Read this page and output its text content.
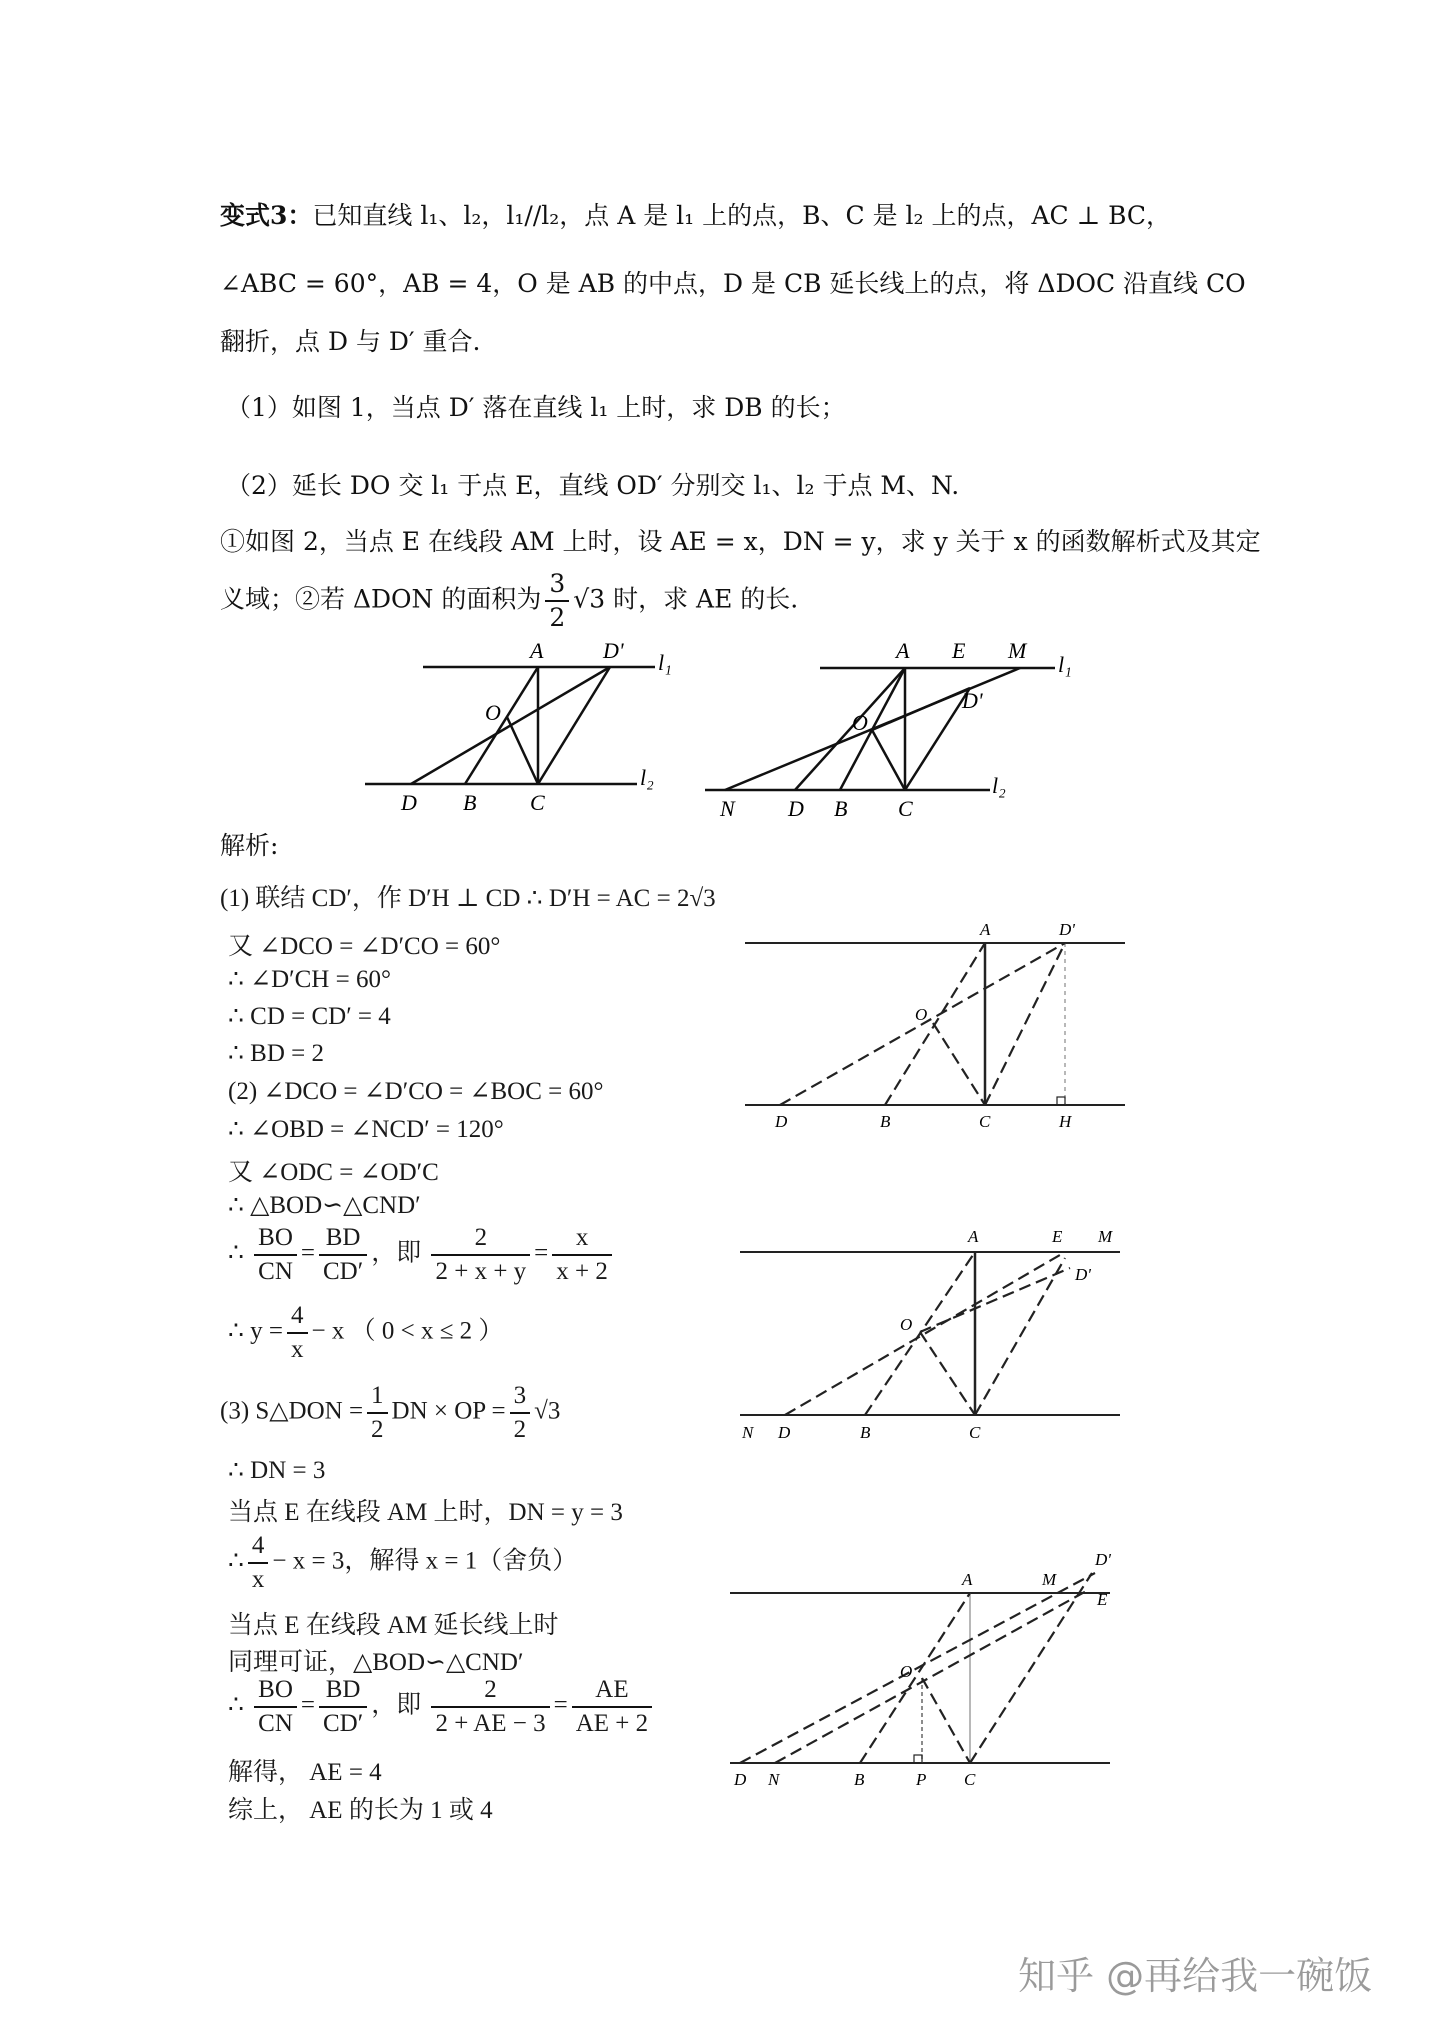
变式3：已知直线 l₁、l₂，l₁//l₂，点 A 是 l₁ 上的点，B、C 是 l₂ 上的点，AC ⊥ BC，
∠ABC = 60°，AB = 4，O 是 AB 的中点，D 是 CB 延长线上的点，将 ΔDOC 沿直线 CO
翻折，点 D 与 D′ 重合.
（1）如图 1，当点 D′ 落在直线 l₁ 上时，求 DB 的长；
（2）延长 DO 交 l₁ 于点 E，直线 OD′ 分别交 l₁、l₂ 于点 M、N.
①如图 2，当点 E 在线段 AM 上时，设 AE = x，DN = y，求 y 关于 x 的函数解析式及其定
义域；②若 ΔDON 的面积为 $\frac{3}{2} √3$ 时，求 AE 的长.
A	D'
O
D B C
l₁
l₂
A E M
D'
O
N D B C
l₁
l₂
解析:
(1) 联结 CD′，作 D′H ⊥ CD ∴ D′H = AC = 2√3
又 ∠DCO = ∠D′CO = 60°
∴ ∠D′CH = 60°
∴ CD = CD′ = 4
∴ BD = 2
(2) ∠DCO = ∠D′CO = ∠BOC = 60°
∴ ∠OBD = ∠NCD′ = 120°
又 ∠ODC = ∠OD′C
∴ △BOD∽△CND′
∴ $\frac{BO}{CN} = \frac{BD}{CD'}$ ，即 $\frac{2}{2 + x + y} = \frac{x}{x + 2}$
∴ $y = \frac{4}{x} - x$ （ 0 < x ≤ 2 ）
(3) S△DON = $\frac{1}{2}$ DN × OP = $\frac{3}{2} √3$
∴ DN = 3
当点 E 在线段 AM 上时，DN = y = 3
∴ $\frac{4}{x} - x = 3$，解得 x = 1（舍负）
当点 E 在线段 AM 延长线上时
同理可证，△BOD∽△CND′
∴ $\frac{BO}{CN} = \frac{BD}{CD'}$ ，即 $\frac{2}{2 + AE - 3} = \frac{AE}{AE + 2}$
解得， AE = 4
综上， AE 的长为 1 或 4
A	D'
O
D	B	C	H
A	E M
D'
O
N D	B	C
A	M
D'
E
O
D N	B	P C
知乎 @再给我一碗饭
